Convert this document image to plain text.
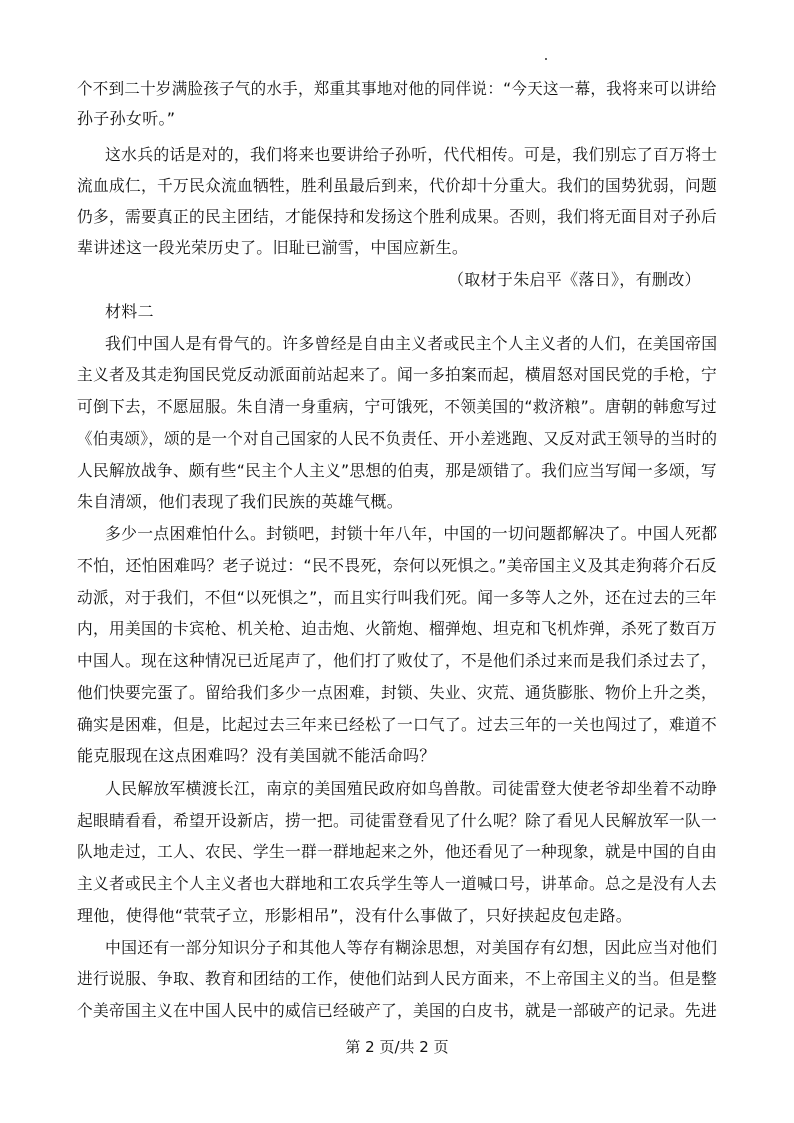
个不到二十岁满脸孩子气的水手，郑重其事地对他的同伴说：“今天这一幕，我将来可以讲给
孙子孙女听。”
这水兵的话是对的，我们将来也要讲给子孙听，代代相传。可是，我们别忘了百万将士
流血成仁，千万民众流血牺牲，胜利虽最后到来，代价却十分重大。我们的国势犹弱，问题
仍多，需要真正的民主团结，才能保持和发扬这个胜利成果。否则，我们将无面目对子孙后
辈讲述这一段光荣历史了。旧耻已湔雪，中国应新生。
（取材于朱启平《落日》，有删改）
材料二
我们中国人是有骨气的。许多曾经是自由主义者或民主个人主义者的人们，在美国帝国
主义者及其走狗国民党反动派面前站起来了。闻一多拍案而起，横眉怒对国民党的手枪，宁
可倒下去，不愿屈服。朱自清一身重病，宁可饿死，不领美国的“救济粮”。唐朝的韩愈写过
《伯夷颂》，颂的是一个对自己国家的人民不负责任、开小差逃跑、又反对武王领导的当时的
人民解放战争、颇有些“民主个人主义”思想的伯夷，那是颂错了。我们应当写闻一多颂，写
朱自清颂，他们表现了我们民族的英雄气概。
多少一点困难怕什么。封锁吧，封锁十年八年，中国的一切问题都解决了。中国人死都
不怕，还怕困难吗？老子说过：“民不畏死，奈何以死惧之。”美帝国主义及其走狗蒋介石反
动派，对于我们，不但“以死惧之”，而且实行叫我们死。闻一多等人之外，还在过去的三年
内，用美国的卡宾枪、机关枪、迫击炮、火箭炮、榴弹炮、坦克和飞机炸弹，杀死了数百万
中国人。现在这种情况已近尾声了，他们打了败仗了，不是他们杀过来而是我们杀过去了，
他们快要完蛋了。留给我们多少一点困难，封锁、失业、灾荒、通货膨胀、物价上升之类，
确实是困难，但是，比起过去三年来已经松了一口气了。过去三年的一关也闯过了，难道不
能克服现在这点困难吗？没有美国就不能活命吗？
人民解放军横渡长江，南京的美国殖民政府如鸟兽散。司徒雷登大使老爷却坐着不动睁
起眼睛看看，希望开设新店，捞一把。司徒雷登看见了什么呢？除了看见人民解放军一队一
队地走过，工人、农民、学生一群一群地起来之外，他还看见了一种现象，就是中国的自由
主义者或民主个人主义者也大群地和工农兵学生等人一道喊口号，讲革命。总之是没有人去
理他，使得他“茕茕孑立，形影相吊”，没有什么事做了，只好挟起皮包走路。
中国还有一部分知识分子和其他人等存有糊涂思想，对美国存有幻想，因此应当对他们
进行说服、争取、教育和团结的工作，使他们站到人民方面来，不上帝国主义的当。但是整
个美帝国主义在中国人民中的威信已经破产了，美国的白皮书，就是一部破产的记录。先进
第 2 页/共 2 页
